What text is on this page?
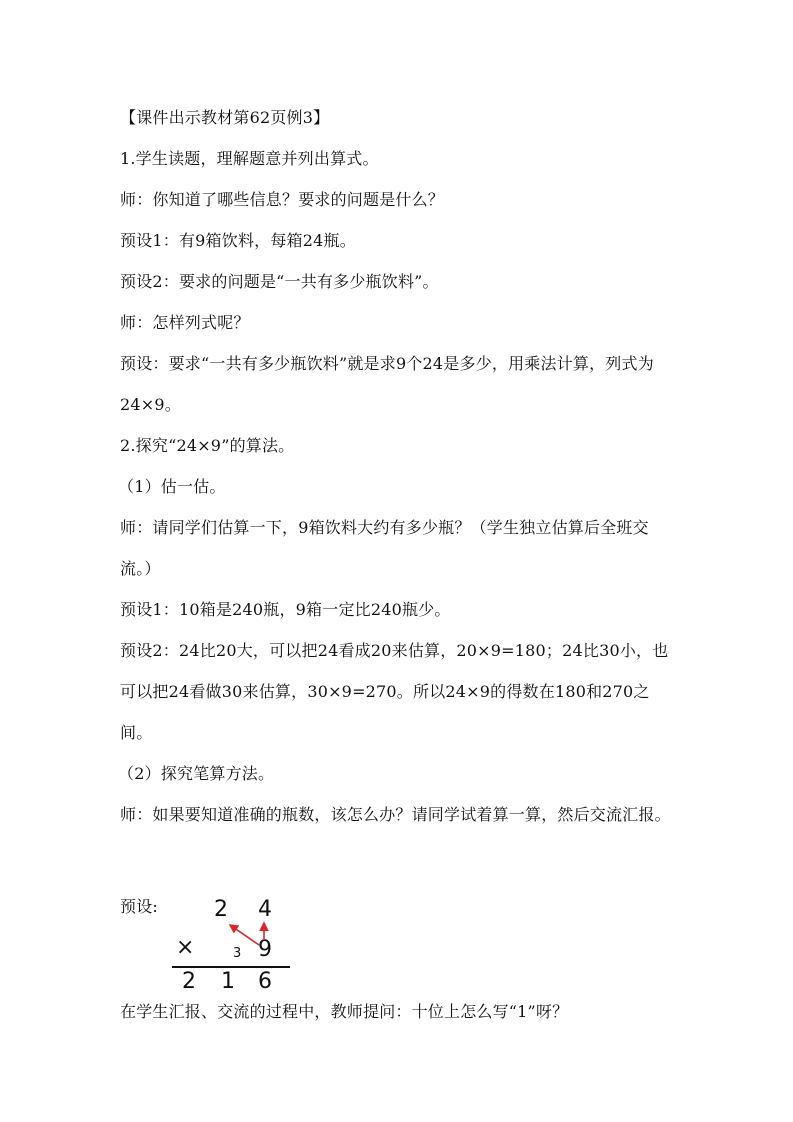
【课件出示教材第62页例3】

1.学生读题，理解题意并列出算式。

师：你知道了哪些信息？要求的问题是什么？

预设1：有9箱饮料，每箱24瓶。

预设2：要求的问题是“一共有多少瓶饮料”。

师：怎样列式呢？

预设：要求“一共有多少瓶饮料”就是求9个24是多少，用乘法计算，列式为24×9。

2.探究“24×9”的算法。

（1）估一估。

师：请同学们估算一下，9箱饮料大约有多少瓶？（学生独立估算后全班交流。）

预设1：10箱是240瓶，9箱一定比240瓶少。

预设2：24比20大，可以把24看成20来估算，20×9=180；24比30小，也可以把24看做30来估算，30×9=270。所以24×9的得数在180和270之间。

（2）探究笔算方法。

师：如果要知道准确的瓶数，该怎么办？请同学试着算一算，然后交流汇报。

预设:	2 4
×	3 9
2 1 6

在学生汇报、交流的过程中，教师提问：十位上怎么写“1”呀？
